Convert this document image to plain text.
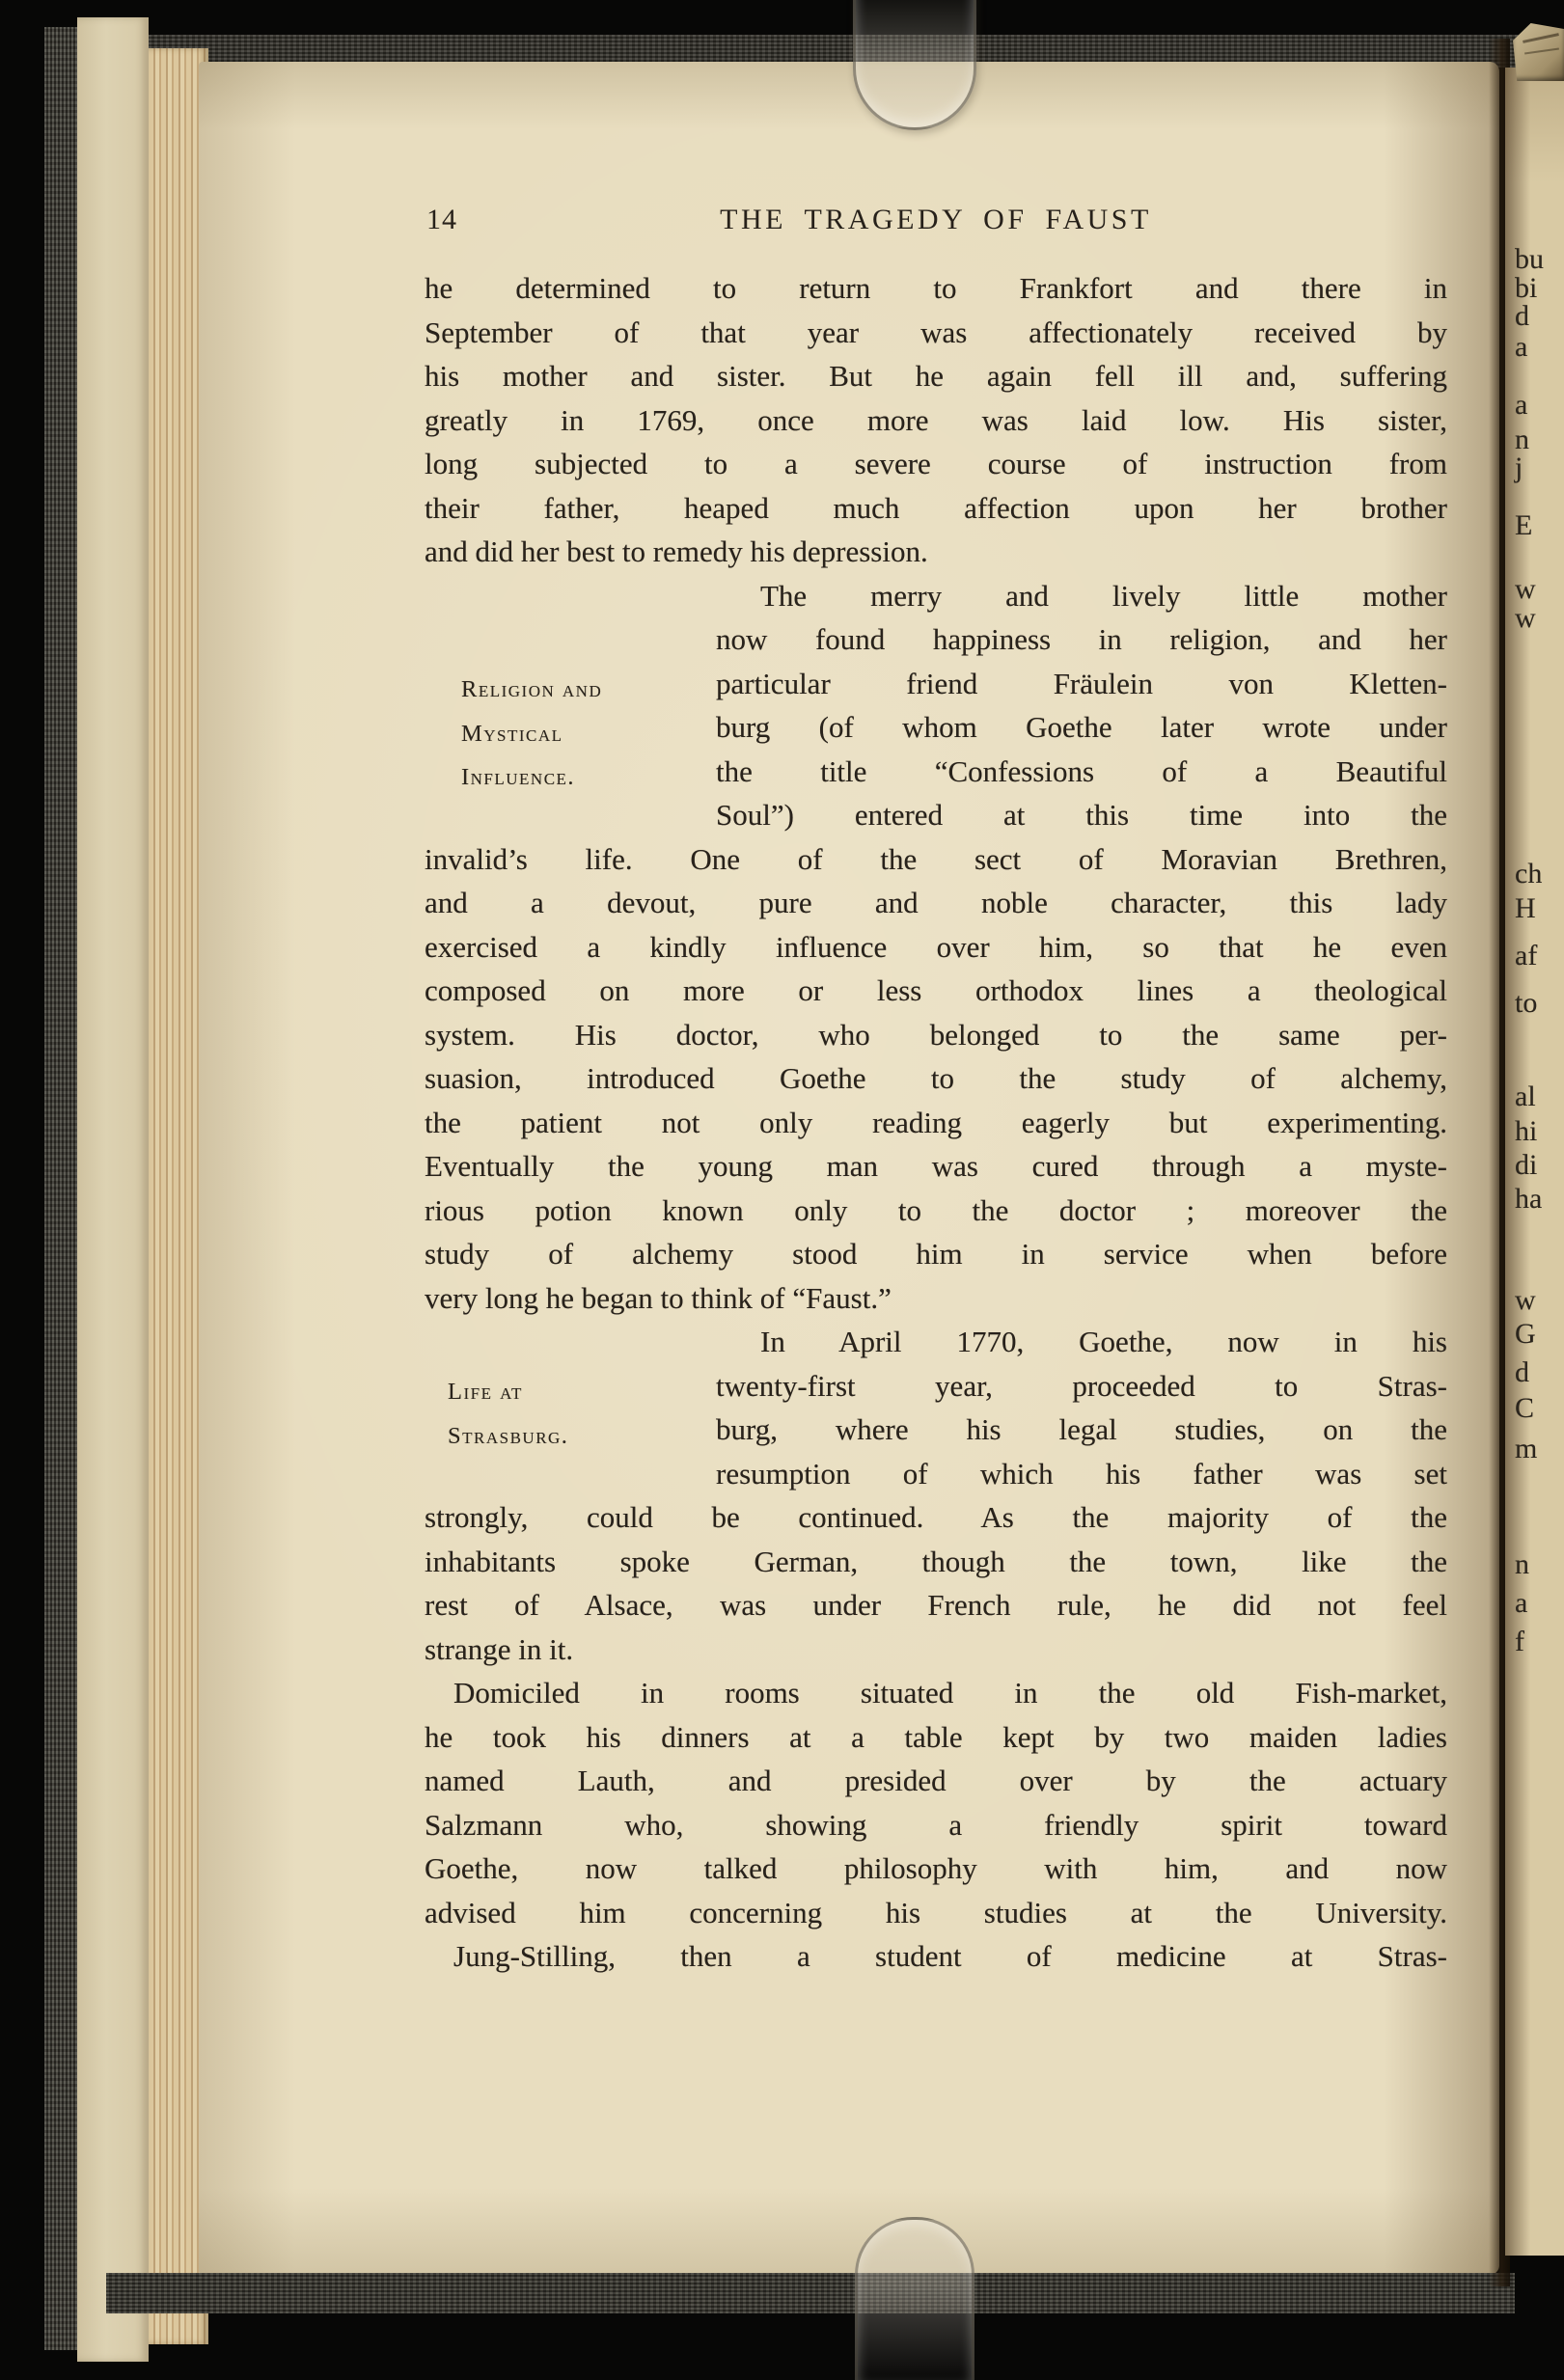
14	THE TRAGEDY OF FAUST
he determined to return to Frankfort and there in
September of that year was affectionately received by
his mother and sister. But he again fell ill and, suffering
greatly in 1769, once more was laid low. His sister,
long subjected to a severe course of instruction from
their father, heaped much affection upon her brother
and did her best to remedy his depression.
The merry and lively little mother
now found happiness in religion, and her
particular friend Fräulein von Kletten-
burg (of whom Goethe later wrote under
the title “Confessions of a Beautiful
Soul”) entered at this time into the
invalid’s life. One of the sect of Moravian Brethren,
and a devout, pure and noble character, this lady
exercised a kindly influence over him, so that he even
composed on more or less orthodox lines a theological
system. His doctor, who belonged to the same per-
suasion, introduced Goethe to the study of alchemy,
the patient not only reading eagerly but experimenting.
Eventually the young man was cured through a myste-
rious potion known only to the doctor ; moreover the
study of alchemy stood him in service when before
very long he began to think of “Faust.”
In April 1770, Goethe, now in his
twenty-first year, proceeded to Stras-
burg, where his legal studies, on the
resumption of which his father was set
strongly, could be continued. As the majority of the
inhabitants spoke German, though the town, like the
rest of Alsace, was under French rule, he did not feel
strange in it.
Domiciled in rooms situated in the old Fish-market,
he took his dinners at a table kept by two maiden ladies
named Lauth, and presided over by the actuary
Salzmann who, showing a friendly spirit toward
Goethe, now talked philosophy with him, and now
advised him concerning his studies at the University.
Jung-Stilling, then a student of medicine at Stras-
Religion and
Mystical
Influence.
Life at
Strasburg.
bu
bi
d
a
a
n
j
E
w
w
ch
H
af
to
al
hi
di
ha
w
G
d
C
m
n
a
f
